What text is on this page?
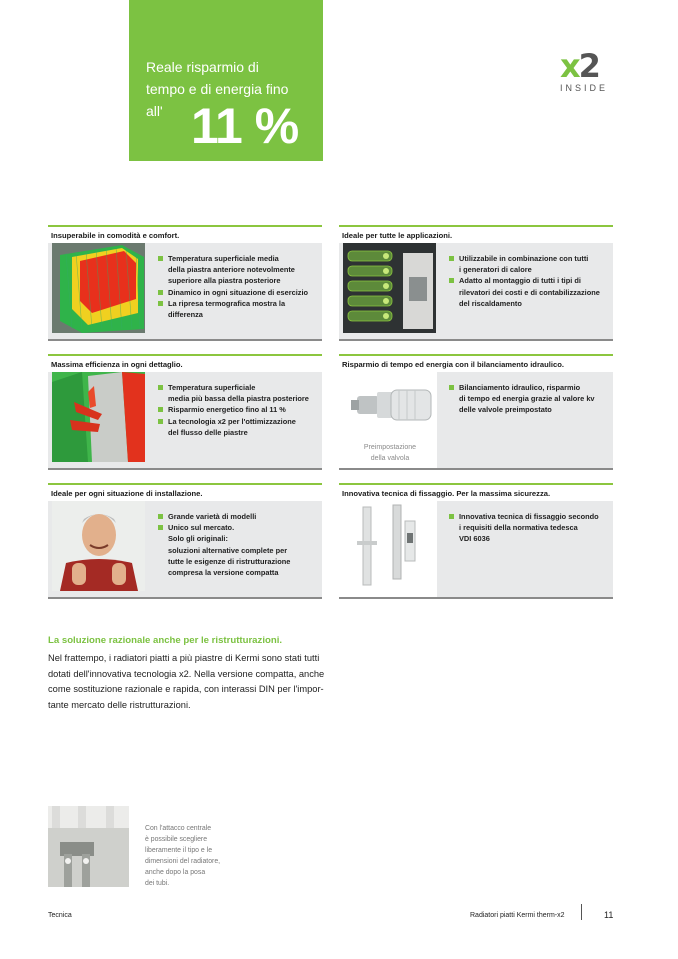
Reale risparmio di
tempo e di energia fino
all' 11 %
x2
INSIDE
Insuperabile in comodità e comfort.
Temperatura superficiale media
della piastra anteriore notevolmente
superiore alla piastra posteriore
Dinamico in ogni situazione di esercizio
La ripresa termografica mostra la
differenza
Ideale per tutte le applicazioni.
Utilizzabile in combinazione con tutti
i generatori di calore
Adatto al montaggio di tutti i tipi di
rilevatori dei costi e di contabilizzazione
del riscaldamento
Massima efficienza in ogni dettaglio.
Temperatura superficiale
media più bassa della piastra posteriore
Risparmio energetico fino al 11 %
La tecnologia x2 per l'ottimizzazione
del flusso delle piastre
Risparmio di tempo ed energia con il bilanciamento idraulico.
Preimpostazione
della valvola
Bilanciamento idraulico, risparmio
di tempo ed energia grazie al valore kv
delle valvole preimpostato
Ideale per ogni situazione di installazione.
Grande varietà di modelli
Unico sul mercato.
Solo gli originali:
soluzioni alternative complete per
tutte le esigenze di ristrutturazione
compresa la versione compatta
Innovativa tecnica di fissaggio. Per la massima sicurezza.
Innovativa tecnica di fissaggio secondo
i requisiti della normativa tedesca
VDI 6036
La soluzione razionale anche per le ristrutturazioni.
Nel frattempo, i radiatori piatti a più piastre di Kermi sono stati tutti
dotati dell'innovativa tecnologia x2. Nella versione compatta, anche
come sostituzione razionale e rapida, con interassi DIN per l'impor-
tante mercato delle ristrutturazioni.
Con l'attacco centrale
è possibile scegliere
liberamente il tipo e le
dimensioni del radiatore,
anche dopo la posa
dei tubi.
Tecnica	Radiatori piatti Kermi therm-x2	11
